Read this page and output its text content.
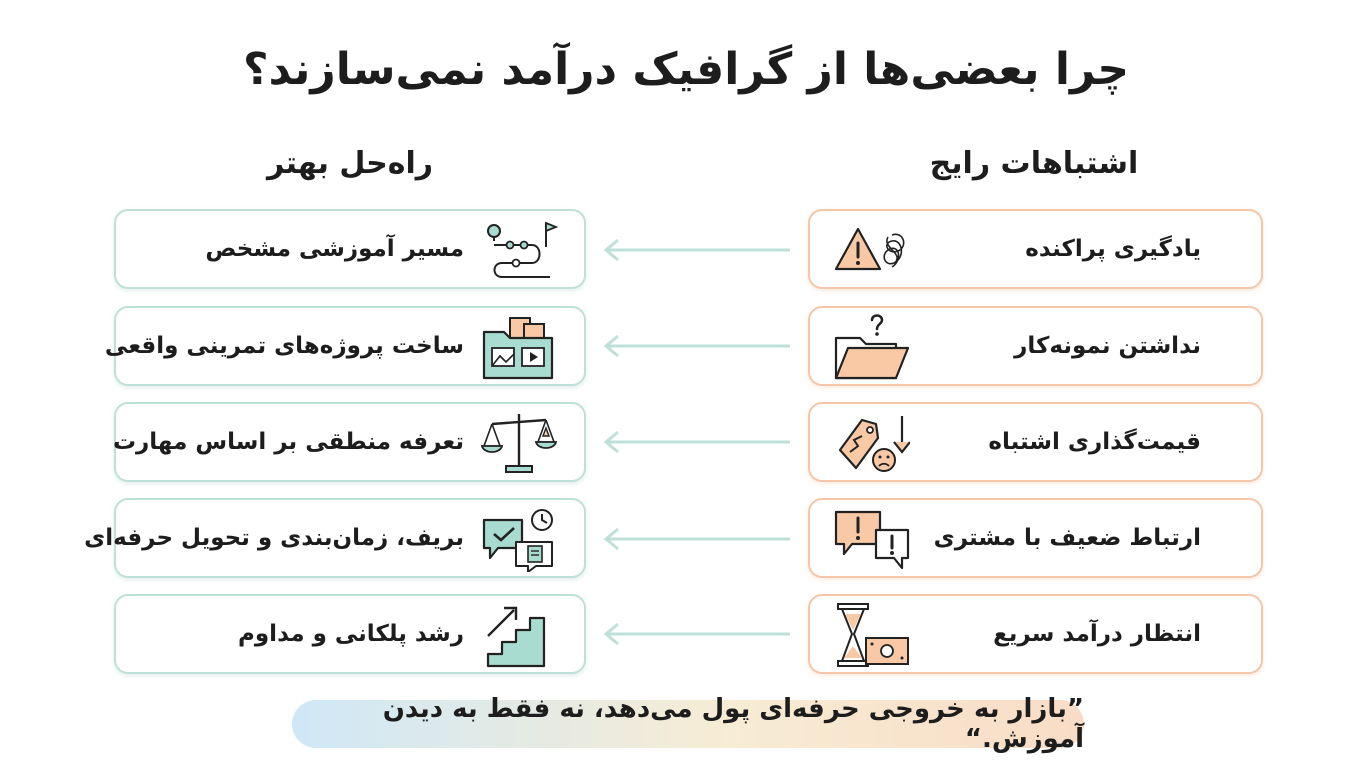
چرا بعضی‌ها از گرافیک درآمد نمی‌سازند؟
اشتباهات رایج
راه‌حل بهتر
یادگیری پراکنده
مسیر آموزشی مشخص
نداشتن نمونه‌کار
ساخت پروژه‌های تمرینی واقعی
قیمت‌گذاری اشتباه
تعرفه منطقی بر اساس مهارت
ارتباط ضعیف با مشتری
بریف، زمان‌بندی و تحویل حرفه‌ای
انتظار درآمد سریع
رشد پلکانی و مداوم
”بازار به خروجی حرفه‌ای پول می‌دهد، نه فقط به دیدن آموزش.“
